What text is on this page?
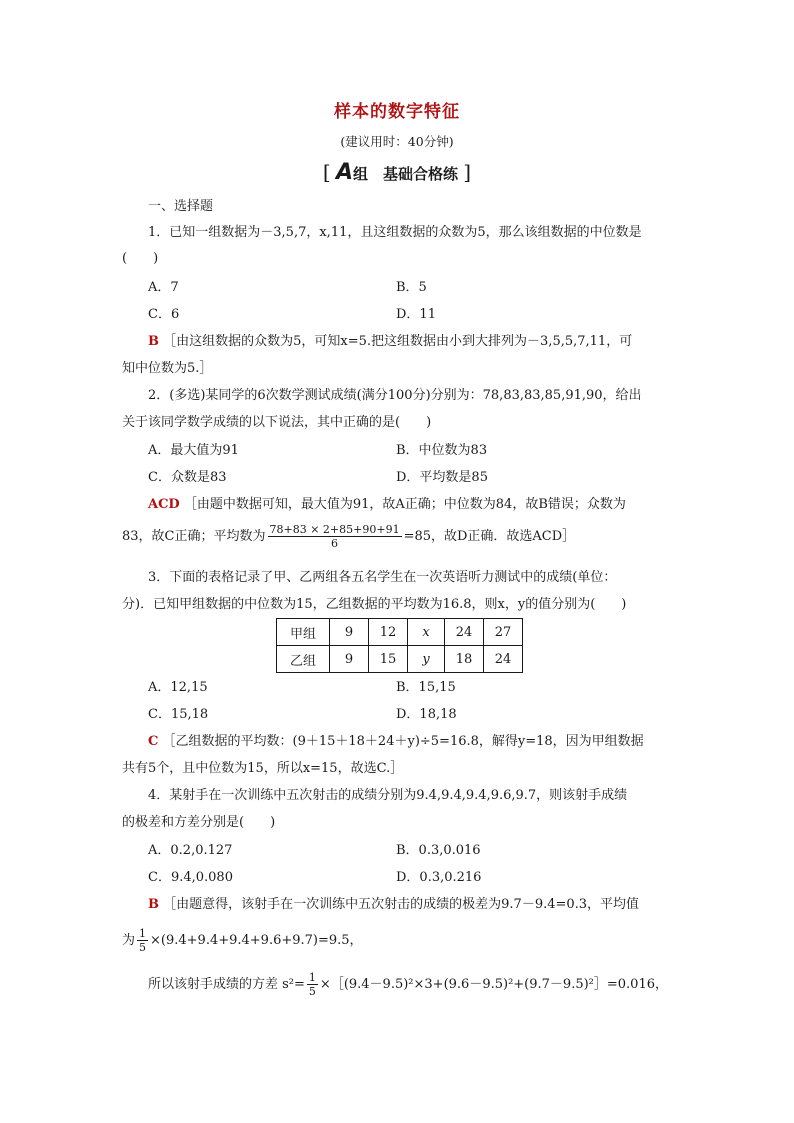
样本的数字特征
(建议用时：40分钟)
[ A组　基础合格练 ]
一、选择题
1．已知一组数据为－3,5,7，x,11，且这组数据的众数为5，那么该组数据的中位数是
(　　)
A．7	B．5
C．6	D．11
B ［由这组数据的众数为5，可知x=5.把这组数据由小到大排列为－3,5,5,7,11，可
知中位数为5.］
2．(多选)某同学的6次数学测试成绩(满分100分)分别为：78,83,83,85,91,90，给出
关于该同学数学成绩的以下说法，其中正确的是(　　)
A．最大值为91	B．中位数为83
C．众数是83	D．平均数是85
ACD ［由题中数据可知，最大值为91，故A正确；中位数为84，故B错误；众数为
83，故C正确；平均数为 $\frac{78+83 \times 2+85+90+91}{6} =85$，故D正确．故选ACD］
3．下面的表格记录了甲、乙两组各五名学生在一次英语听力测试中的成绩(单位：
分)．已知甲组数据的中位数为15，乙组数据的平均数为16.8，则x，y的值分别为(　　)
甲组	9	12	x	24	27
乙组	9	15	y	18	24
A．12,15	B．15,15
C．15,18	D．18,18
C ［乙组数据的平均数：(9＋15＋18＋24＋y)÷5=16.8，解得y=18，因为甲组数据
共有5个，且中位数为15，所以x=15，故选C.］
4．某射手在一次训练中五次射击的成绩分别为9.4,9.4,9.4,9.6,9.7，则该射手成绩
的极差和方差分别是(　　)
A．0.2,0.127	B．0.3,0.016
C．9.4,0.080	D．0.3,0.216
B ［由题意得，该射手在一次训练中五次射击的成绩的极差为9.7－9.4=0.3，平均值
为 $\frac{1}{5} \times(9.4+9.4+9.4+9.6+9.7)=9.5$，
所以该射手成绩的方差 $s^2= \frac{1}{5}$ ×［(9.4－9.5)²×3+(9.6－9.5)²+(9.7－9.5)²］=0.016，
